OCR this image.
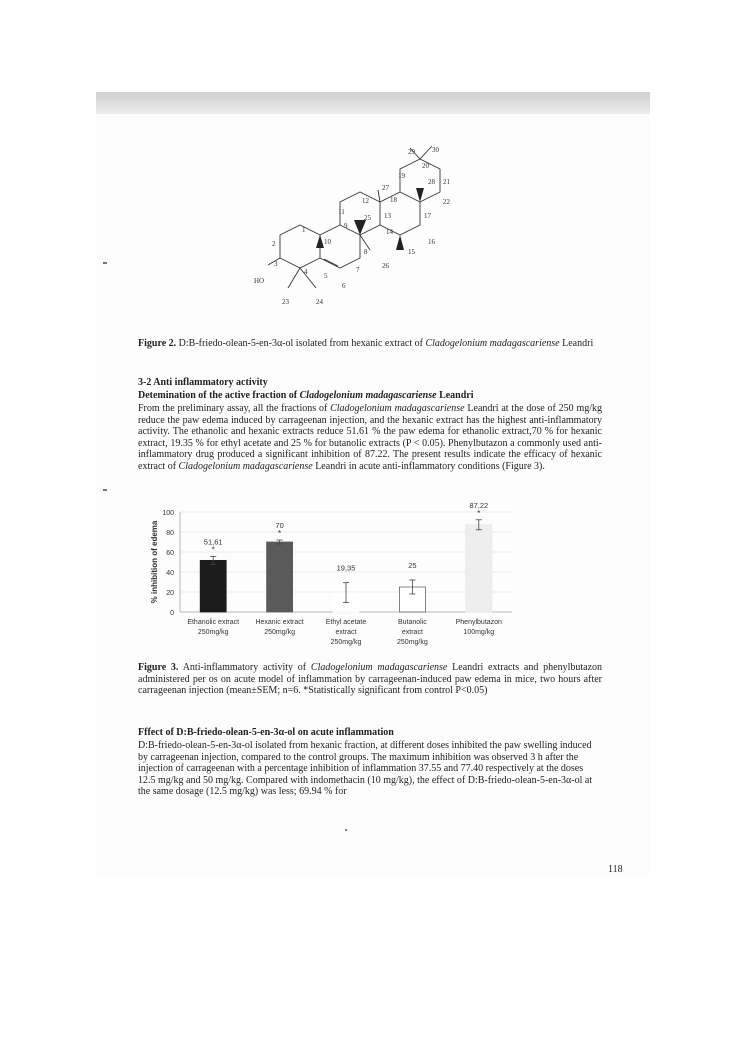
29 30
20
19
28 21
22
27
18
12
11
25 13	17
9
14
16
15
1
10
8
26
2
3
5
4	7
6
HO
23	24

Figure 2. D:B-friedo-olean-5-en-3α-ol isolated from hexanic extract of Cladogelonium madagascariense Leandri

3-2 Anti inflammatory activity

Detemination of the active fraction of Cladogelonium madagascariense Leandri

From the preliminary assay, all the fractions of Cladogelonium madagascariense Leandri at the dose of 250 mg/kg reduce the paw edema induced by carrageenan injection, and the hexanic extract has the highest anti-inflammatory activity. The ethanolic and hexanic extracts reduce 51.61 % the paw edema for ethanolic extract,70 % for hexanic extract, 19.35 % for ethyl acetate and 25 % for butanolic extracts (P < 0.05). Phenylbutazon a commonly used anti-inflammatory drug produced a significant inhibition of 87.22. The present results indicate the efficacy of hexanic extract of Cladogelonium madagascariense Leandri in acute anti-inflammatory conditions (Figure 3).

% inhibition of edema
0
20
40
60
80
100
51,61
*
Ethanolic extract
250mg/kg
70
*
Hexanic extract
250mg/kg
19,35
Ethyl acetate
extract
250mg/kg
25
Butanolic
extract
250mg/kg
87,22
*
Phenylbutazon
100mg/kg

Figure 3. Anti-inflammatory activity of Cladogelonium madagascariense Leandri extracts and phenylbutazon administered per os on acute model of inflammation by carrageenan-induced paw edema in mice, two hours after carrageenan injection (mean±SEM; n=6. *Statistically significant from control P<0.05)

Fffect of D:B-friedo-olean-5-en-3α-ol on acute inflammation

D:B-friedo-olean-5-en-3α-ol isolated from hexanic fraction, at different doses inhibited the paw swelling induced by carrageenan injection, compared to the control groups. The maximum inhibition was observed 3 h after the injection of carrageenan with a percentage inhibition of inflammation 37.55 and 77.40 respectively at the doses 12.5 mg/kg and 50 mg/kg. Compared with indomethacin (10 mg/kg), the effect of D:B-friedo-olean-5-en-3α-ol at the same dosage (12.5 mg/kg) was less; 69.94 % for

118
